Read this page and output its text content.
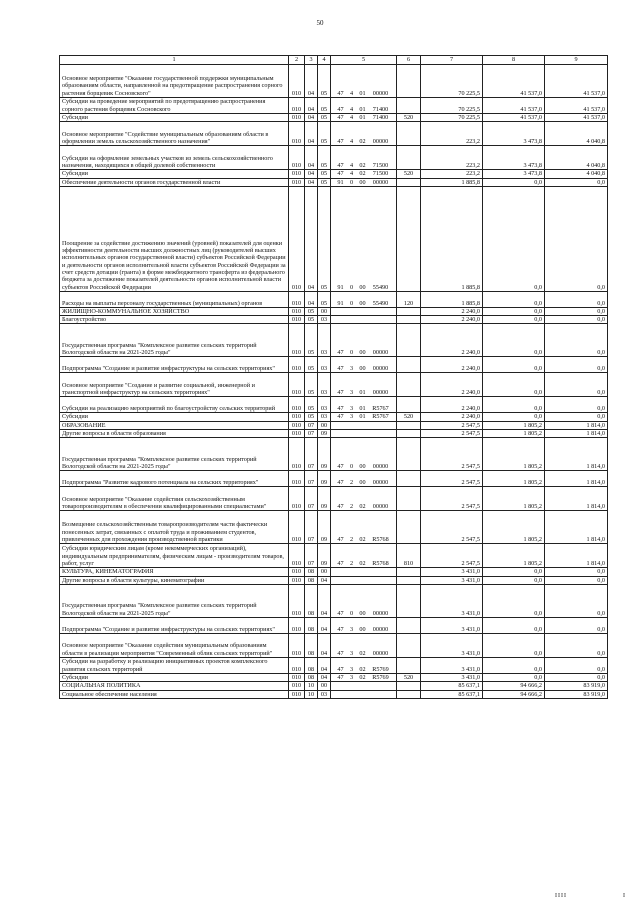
50
1	2	3	4	5	6	7	8	9
Основное мероприятие "Оказание государственной поддержки муниципальным образованиям области, направленной на предотвращение распространения сорного растения борщевик Сосновского"	010	04	05	47 4 01 00000		70 225,5	41 537,0	41 537,0
Субсидии на проведение мероприятий по предотвращению распространения сорного растения борщевик Сосновского	010	04	05	47 4 01 71400		70 225,5	41 537,0	41 537,0
Субсидии	010	04	05	47 4 01 71400	520	70 225,5	41 537,0	41 537,0
Основное мероприятие "Содействие муниципальным образованиям области в оформлении земель сельскохозяйственного назначения"	010	04	05	47 4 02 00000		223,2	3 473,8	4 040,8
Субсидии на оформление земельных участков из земель сельскохозяйственного назначения, находящихся в общей долевой собственности	010	04	05	47 4 02 71500		223,2	3 473,8	4 040,8
Субсидии	010	04	05	47 4 02 71500	520	223,2	3 473,8	4 040,8
Обеспечение деятельности органов государственной власти	010	04	05	91 0 00 00000		1 885,8	0,0	0,0
Поощрение за содействие достижению значений (уровней) показателей для оценки эффективности деятельности высших должностных лиц (руководителей высших исполнительных органов государственной власти) субъектов Российской Федерации и деятельности органов исполнительной власти субъектов Российской Федерации за счет средств дотации (гранта) в форме межбюджетного трансферта из федерального бюджета за достижение показателей деятельности органов исполнительной власти субъектов Российской Федерации	010	04	05	91 0 00 55490		1 885,8	0,0	0,0
Расходы на выплаты персоналу государственных (муниципальных) органов	010	04	05	91 0 00 55490	120	1 885,8	0,0	0,0
ЖИЛИЩНО-КОММУНАЛЬНОЕ ХОЗЯЙСТВО	010	05	00			2 240,0	0,0	0,0
Благоустройство	010	05	03			2 240,0	0,0	0,0
Государственная программа "Комплексное развитие сельских территорий Вологодской области на 2021-2025 годы"	010	05	03	47 0 00 00000		2 240,0	0,0	0,0
Подпрограмма "Создание и развитие инфраструктуры на сельских территориях"	010	05	03	47 3 00 00000		2 240,0	0,0	0,0
Основное мероприятие "Создание и развитие социальной, инженерной и транспортной инфраструктур на сельских территориях"	010	05	03	47 3 01 00000		2 240,0	0,0	0,0
Субсидии на реализацию мероприятий по благоустройству сельских территорий	010	05	03	47 3 01 R5767		2 240,0	0,0	0,0
Субсидии	010	05	03	47 3 01 R5767	520	2 240,0	0,0	0,0
ОБРАЗОВАНИЕ	010	07	00			2 547,5	1 805,2	1 814,0
Другие вопросы в области образования	010	07	09			2 547,5	1 805,2	1 814,0
Государственная программа "Комплексное развитие сельских территорий Вологодской области на 2021-2025 годы"	010	07	09	47 0 00 00000		2 547,5	1 805,2	1 814,0
Подпрограмма "Развитие кадрового потенциала на сельских территориях"	010	07	09	47 2 00 00000		2 547,5	1 805,2	1 814,0
Основное мероприятие "Оказание содействия сельскохозяйственным товаропроизводителям в обеспечении квалифицированными специалистами"	010	07	09	47 2 02 00000		2 547,5	1 805,2	1 814,0
Возмещение сельскохозяйственным товаропроизводителям части фактически понесенных затрат, связанных с оплатой труда и проживанием студентов, привлеченных для прохождения производственной практики	010	07	09	47 2 02 R5768		2 547,5	1 805,2	1 814,0
Субсидии юридическим лицам (кроме некоммерческих организаций), индивидуальным предпринимателям, физическим лицам - производителям товаров, работ, услуг	010	07	09	47 2 02 R5768	810	2 547,5	1 805,2	1 814,0
КУЛЬТУРА, КИНЕМАТОГРАФИЯ	010	08	00			3 431,0	0,0	0,0
Другие вопросы в области культуры, кинематографии	010	08	04			3 431,0	0,0	0,0
Государственная программа "Комплексное развитие сельских территорий Вологодской области на 2021-2025 годы"	010	08	04	47 0 00 00000		3 431,0	0,0	0,0
Подпрограмма "Создание и развитие инфраструктуры на сельских территориях"	010	08	04	47 3 00 00000		3 431,0	0,0	0,0
Основное мероприятие "Оказание содействия муниципальным образованиям области в реализации мероприятия "Современный облик сельских территорий"	010	08	04	47 3 02 00000		3 431,0	0,0	0,0
Субсидии на разработку и реализацию инициативных проектов комплексного развития сельских территорий	010	08	04	47 3 02 R5769		3 431,0	0,0	0,0
Субсидии	010	08	04	47 3 02 R5769	520	3 431,0	0,0	0,0
СОЦИАЛЬНАЯ ПОЛИТИКА	010	10	00			85 637,1	94 666,2	83 919,0
Социальное обеспечение населения	010	10	03			85 637,1	94 666,2	83 919,0
IIII	I
